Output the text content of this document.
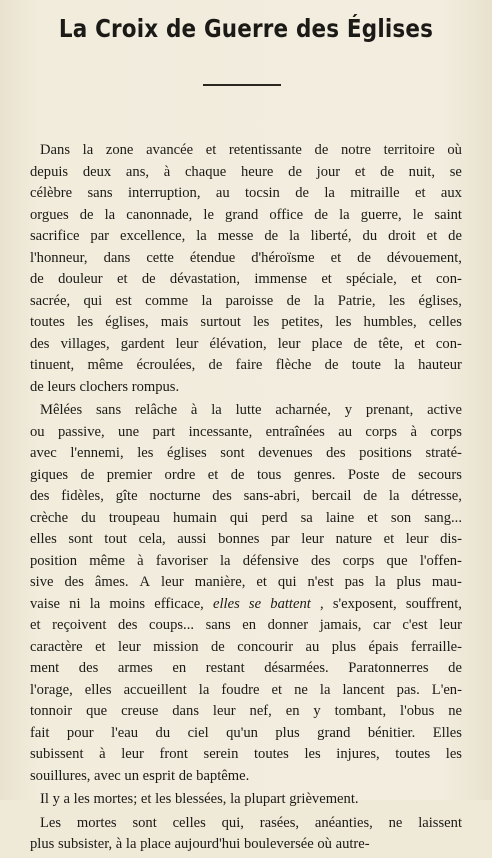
La Croix de Guerre des Églises
Dans la zone avancée et retentissante de notre territoire où
depuis deux ans, à chaque heure de jour et de nuit, se
célèbre sans interruption, au tocsin de la mitraille et aux
orgues de la canonnade, le grand office de la guerre, le saint
sacrifice par excellence, la messe de la liberté, du droit et de
l'honneur, dans cette étendue d'héroïsme et de dévouement,
de douleur et de dévastation, immense et spéciale, et con-
sacrée, qui est comme la paroisse de la Patrie, les églises,
toutes les églises, mais surtout les petites, les humbles, celles
des villages, gardent leur élévation, leur place de tête, et con-
tinuent, même écroulées, de faire flèche de toute la hauteur
de leurs clochers rompus.
Mêlées sans relâche à la lutte acharnée, y prenant, active
ou passive, une part incessante, entraînées au corps à corps
avec l'ennemi, les églises sont devenues des positions straté-
giques de premier ordre et de tous genres. Poste de secours
des fidèles, gîte nocturne des sans-abri, bercail de la détresse,
crèche du troupeau humain qui perd sa laine et son sang...
elles sont tout cela, aussi bonnes par leur nature et leur dis-
position même à favoriser la défensive des corps que l'offen-
sive des âmes. A leur manière, et qui n'est pas la plus mau-
vaise ni la moins efficace, elles se battent , s'exposent, souffrent,
et reçoivent des coups... sans en donner jamais, car c'est leur
caractère et leur mission de concourir au plus épais ferraille-
ment des armes en restant désarmées. Paratonnerres de
l'orage, elles accueillent la foudre et ne la lancent pas. L'en-
tonnoir que creuse dans leur nef, en y tombant, l'obus ne
fait pour l'eau du ciel qu'un plus grand bénitier. Elles
subissent à leur front serein toutes les injures, toutes les
souillures, avec un esprit de baptême.
Il y a les mortes; et les blessées, la plupart grièvement.
Les mortes sont celles qui, rasées, anéanties, ne laissent
plus subsister, à la place aujourd'hui bouleversée où autre-
